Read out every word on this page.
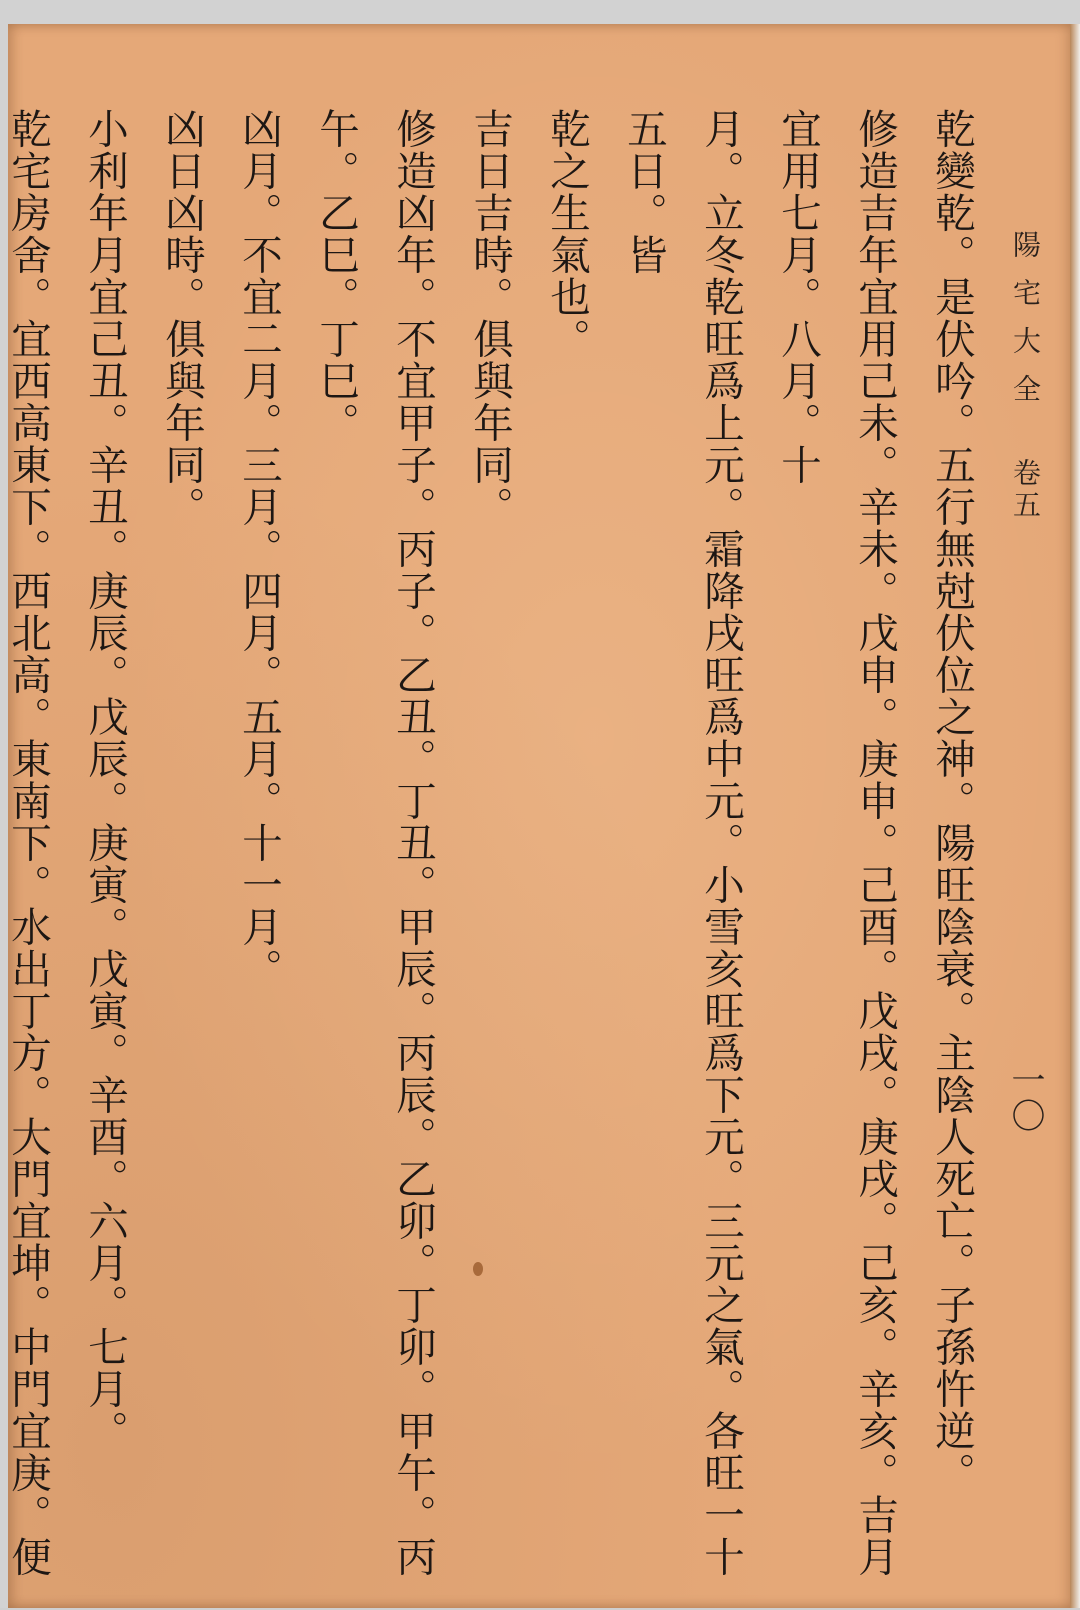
陽宅大全卷五一〇
乾變乾。是伏吟。五行無尅伏位之神。陽旺陰衰。主陰人死亡。子孫忤逆。
修造吉年宜用己未。辛未。戊申。庚申。己酉。戊戌。庚戌。己亥。辛亥。吉月宜用七月。八月。十
月。立冬乾旺爲上元。霜降戌旺爲中元。小雪亥旺爲下元。三元之氣。各旺一十五日。皆
乾之生氣也。
吉日吉時。俱與年同。
修造凶年。不宜甲子。丙子。乙丑。丁丑。甲辰。丙辰。乙卯。丁卯。甲午。丙午。乙巳。丁巳。
凶月。不宜二月。三月。四月。五月。十一月。
凶日凶時。俱與年同。
小利年月宜己丑。辛丑。庚辰。戊辰。庚寅。戊寅。辛酉。六月。七月。
乾宅房舍。宜西高東下。西北高。東南下。水出丁方。大門宜坤。中門宜庚。便
